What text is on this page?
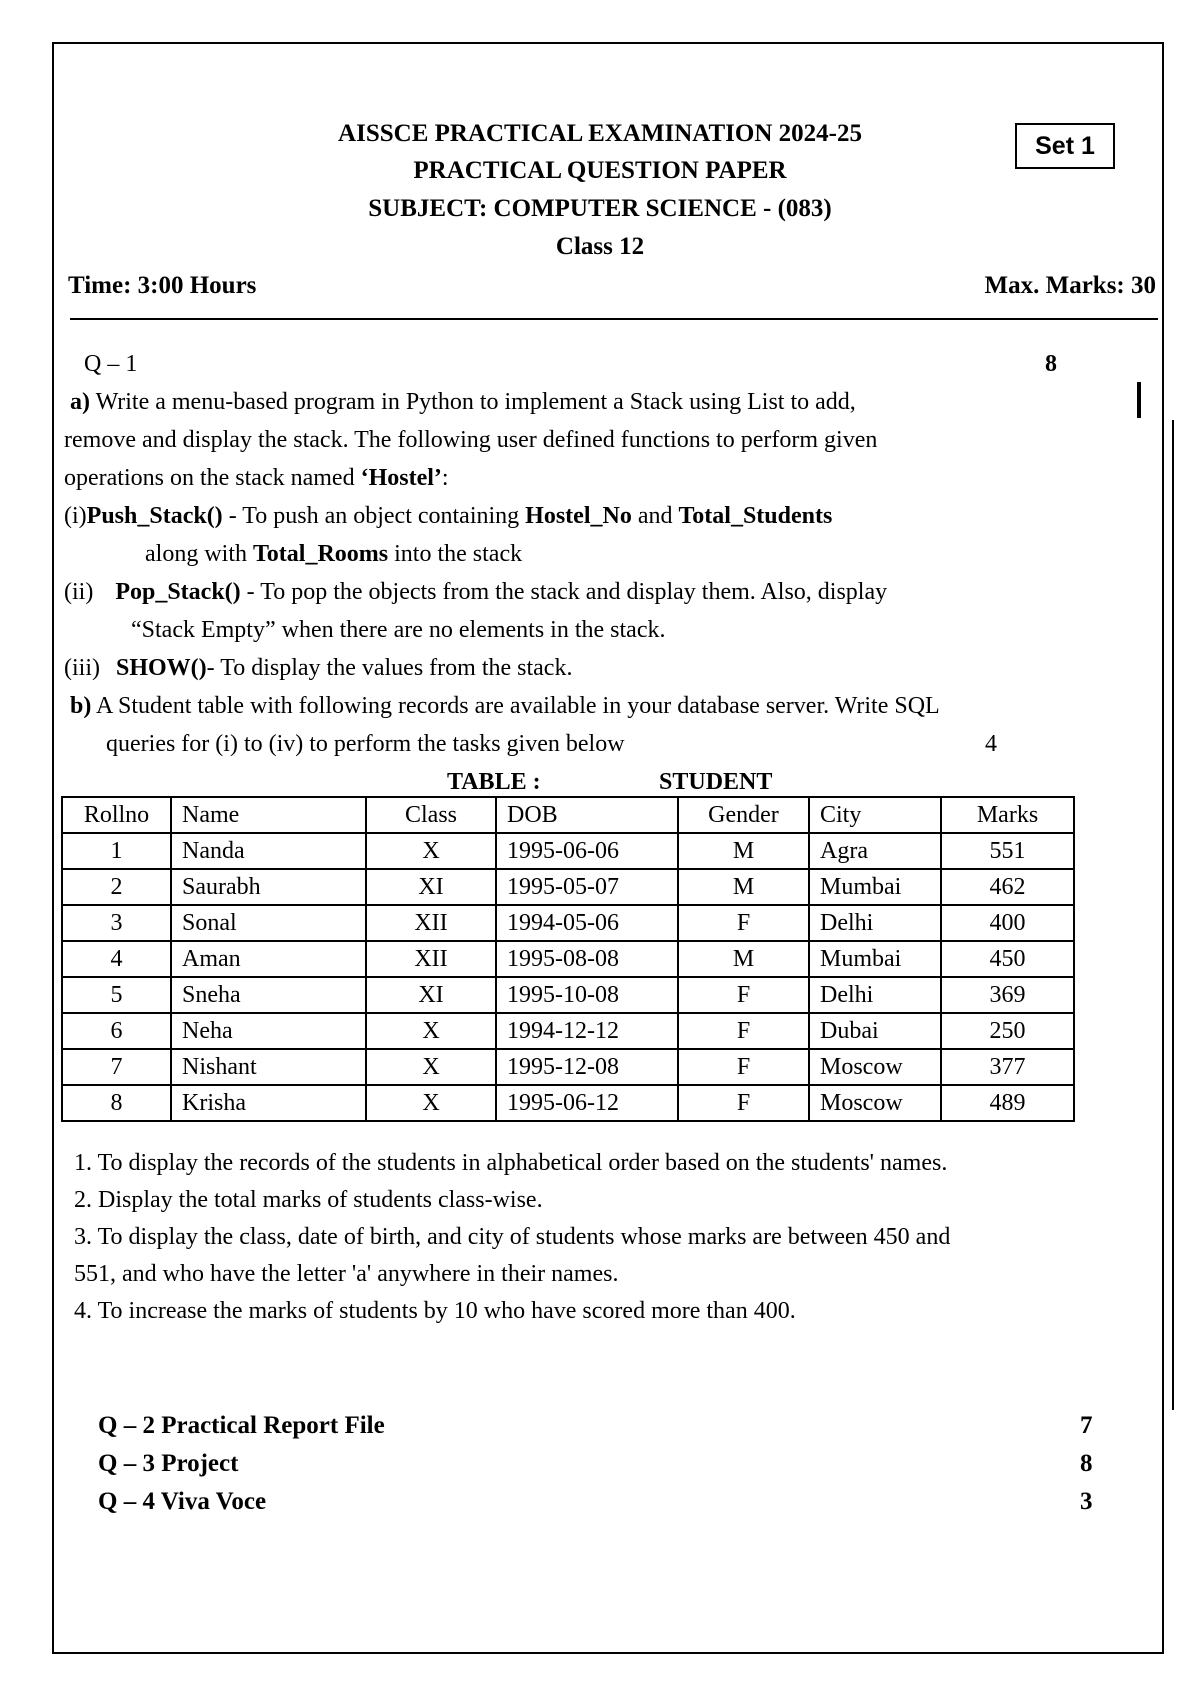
AISSCE PRACTICAL EXAMINATION 2024-25
PRACTICAL QUESTION PAPER
SUBJECT: COMPUTER SCIENCE - (083)
Class 12
Set 1
Time: 3:00 Hours	Max. Marks: 30
Q – 1	8
a) Write a menu-based program in Python to implement a Stack using List to add,
remove and display the stack. The following user defined functions to perform given
operations on the stack named ‘Hostel’:
(i)Push_Stack() - To push an object containing Hostel_No and Total_Students
along with Total_Rooms into the stack
(ii) Pop_Stack() - To pop the objects from the stack and display them. Also, display
“Stack Empty” when there are no elements in the stack.
(iii) SHOW()- To display the values from the stack.
b) A Student table with following records are available in your database server. Write SQL
queries for (i) to (iv) to perform the tasks given below	4
TABLE :	STUDENT
Rollno	Name	Class	DOB	Gender	City	Marks
1	Nanda	X	1995-06-06	M	Agra	551
2	Saurabh	XI	1995-05-07	M	Mumbai	462
3	Sonal	XII	1994-05-06	F	Delhi	400
4	Aman	XII	1995-08-08	M	Mumbai	450
5	Sneha	XI	1995-10-08	F	Delhi	369
6	Neha	X	1994-12-12	F	Dubai	250
7	Nishant	X	1995-12-08	F	Moscow	377
8	Krisha	X	1995-06-12	F	Moscow	489
1. To display the records of the students in alphabetical order based on the students' names.
2. Display the total marks of students class-wise.
3. To display the class, date of birth, and city of students whose marks are between 450 and
551, and who have the letter 'a' anywhere in their names.
4. To increase the marks of students by 10 who have scored more than 400.
Q – 2 Practical Report File	7
Q – 3 Project	8
Q – 4 Viva Voce	3
